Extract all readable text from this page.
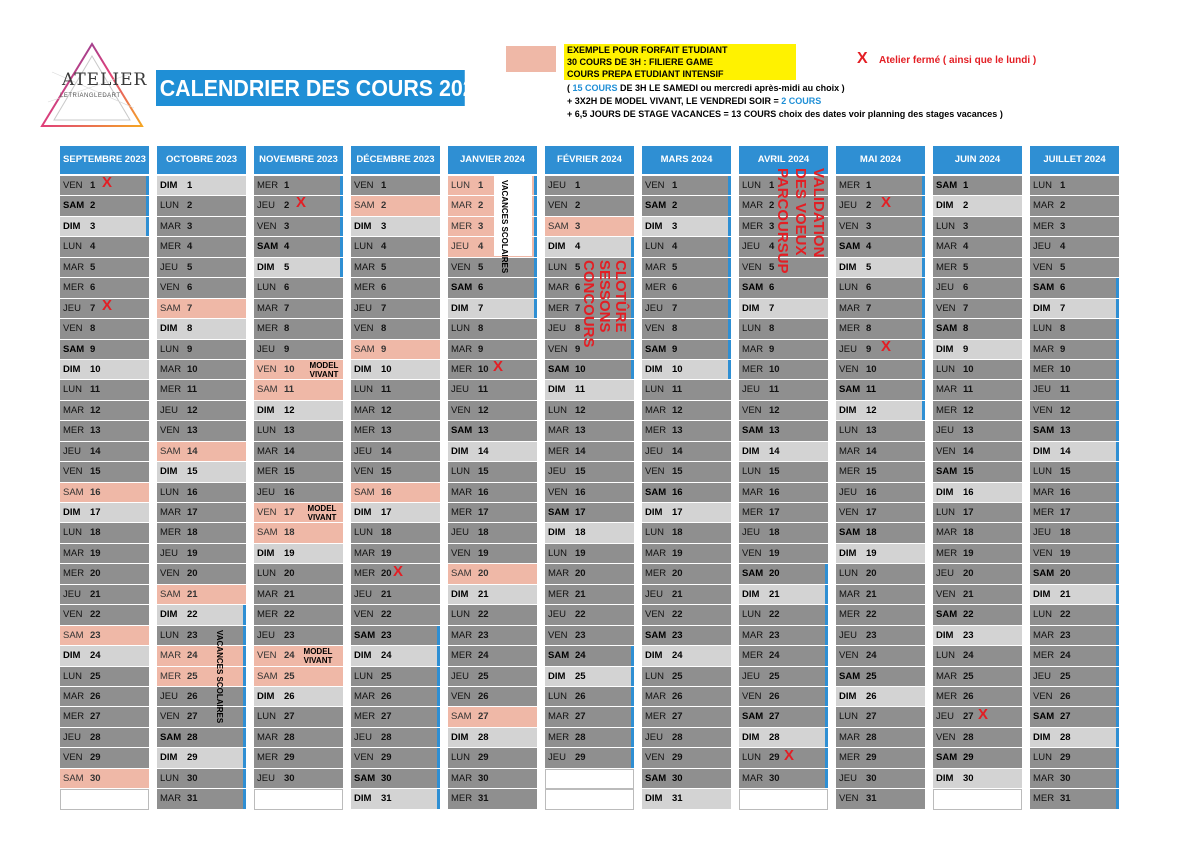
ATELIER
LETRIANGLEDART CALENDRIER DES COURS 2023/2024
EXEMPLE POUR FORFAIT ETUDIANT
30 COURS DE 3H : FILIERE GAME
COURS PREPA ETUDIANT INTENSIF
( 15 COURS DE 3H LE SAMEDI ou mercredi après-midi au choix )
+ 3X2H DE MODEL VIVANT, LE VENDREDI SOIR = 2 COURS
+ 6,5 JOURS DE STAGE VACANCES = 13 COURS choix des dates voir planning des stages vacances )
X Atelier fermé ( ainsi que le lundi )
SEPTEMBRE 2023
VEN 1
SAM 2
DIM 3
LUN 4
MAR 5
MER 6
JEU 7
VEN 8
SAM 9
DIM 10
LUN 11
MAR 12
MER 13
JEU 14
VEN 15
SAM 16
DIM 17
LUN 18
MAR 19
MER 20
JEU 21
VEN 22
SAM 23
DIM 24
LUN 25
MAR 26
MER 27
JEU 28
VEN 29
SAM 30
OCTOBRE 2023
DIM 1
LUN 2
MAR 3
MER 4
JEU 5
VEN 6
SAM 7
DIM 8
LUN 9
MAR 10
MER 11
JEU 12
VEN 13
SAM 14
DIM 15
LUN 16
MAR 17
MER 18
JEU 19
VEN 20
SAM 21
DIM 22
LUN 23
MAR 24
MER 25
JEU 26
VEN 27
SAM 28
DIM 29
LUN 30
MAR 31
NOVEMBRE 2023
MER 1
JEU 2
VEN 3
SAM 4
DIM 5
LUN 6
MAR 7
MER 8
JEU 9
VEN 10
SAM 11
DIM 12
LUN 13
MAR 14
MER 15
JEU 16
VEN 17
SAM 18
DIM 19
LUN 20
MAR 21
MER 22
JEU 23
VEN 24
SAM 25
DIM 26
LUN 27
MAR 28
MER 29
JEU 30
DÉCEMBRE 2023
VEN 1
SAM 2
DIM 3
LUN 4
MAR 5
MER 6
JEU 7
VEN 8
SAM 9
DIM 10
LUN 11
MAR 12
MER 13
JEU 14
VEN 15
SAM 16
DIM 17
LUN 18
MAR 19
MER 20
JEU 21
VEN 22
SAM 23
DIM 24
LUN 25
MAR 26
MER 27
JEU 28
VEN 29
SAM 30
DIM 31
JANVIER 2024
LUN 1
MAR 2
MER 3
JEU 4
VEN 5
SAM 6
DIM 7
LUN 8
MAR 9
MER 10
JEU 11
VEN 12
SAM 13
DIM 14
LUN 15
MAR 16
MER 17
JEU 18
VEN 19
SAM 20
DIM 21
LUN 22
MAR 23
MER 24
JEU 25
VEN 26
SAM 27
DIM 28
LUN 29
MAR 30
MER 31
FÉVRIER 2024
JEU 1
VEN 2
SAM 3
DIM 4
LUN 5
MAR 6
MER 7
JEU 8
VEN 9
SAM 10
DIM 11
LUN 12
MAR 13
MER 14
JEU 15
VEN 16
SAM 17
DIM 18
LUN 19
MAR 20
MER 21
JEU 22
VEN 23
SAM 24
DIM 25
LUN 26
MAR 27
MER 28
JEU 29
MARS 2024
VEN 1
SAM 2
DIM 3
LUN 4
MAR 5
MER 6
JEU 7
VEN 8
SAM 9
DIM 10
LUN 11
MAR 12
MER 13
JEU 14
VEN 15
SAM 16
DIM 17
LUN 18
MAR 19
MER 20
JEU 21
VEN 22
SAM 23
DIM 24
LUN 25
MAR 26
MER 27
JEU 28
VEN 29
SAM 30
DIM 31
AVRIL 2024
LUN 1
MAR 2
MER 3
JEU 4
VEN 5
SAM 6
DIM 7
LUN 8
MAR 9
MER 10
JEU 11
VEN 12
SAM 13
DIM 14
LUN 15
MAR 16
MER 17
JEU 18
VEN 19
SAM 20
DIM 21
LUN 22
MAR 23
MER 24
JEU 25
VEN 26
SAM 27
DIM 28
LUN 29
MAR 30
MAI 2024
MER 1
JEU 2
VEN 3
SAM 4
DIM 5
LUN 6
MAR 7
MER 8
JEU 9
VEN 10
SAM 11
DIM 12
LUN 13
MAR 14
MER 15
JEU 16
VEN 17
SAM 18
DIM 19
LUN 20
MAR 21
MER 22
JEU 23
VEN 24
SAM 25
DIM 26
LUN 27
MAR 28
MER 29
JEU 30
VEN 31
JUIN 2024
SAM 1
DIM 2
LUN 3
MAR 4
MER 5
JEU 6
VEN 7
SAM 8
DIM 9
LUN 10
MAR 11
MER 12
JEU 13
VEN 14
SAM 15
DIM 16
LUN 17
MAR 18
MER 19
JEU 20
VEN 21
SAM 22
DIM 23
LUN 24
MAR 25
MER 26
JEU 27
VEN 28
SAM 29
DIM 30
JUILLET 2024
LUN 1
MAR 2
MER 3
JEU 4
VEN 5
SAM 6
DIM 7
LUN 8
MAR 9
MER 10
JEU 11
VEN 12
SAM 13
DIM 14
LUN 15
MAR 16
MER 17
JEU 18
VEN 19
SAM 20
DIM 21
LUN 22
MAR 23
MER 24
JEU 25
VEN 26
SAM 27
DIM 28
LUN 29
MAR 30
MER 31
X
X
X
X
X
X
X
X
X
MODEL VIVANT
MODEL VIVANT
MODEL VIVANT
VACANCES SCOLAIRES
VACANCES SCOLAIRES
CLOTÛRE
SESSONS
CONCOURS
VALIDATION
DES VOEUX
PARCOURSUP
